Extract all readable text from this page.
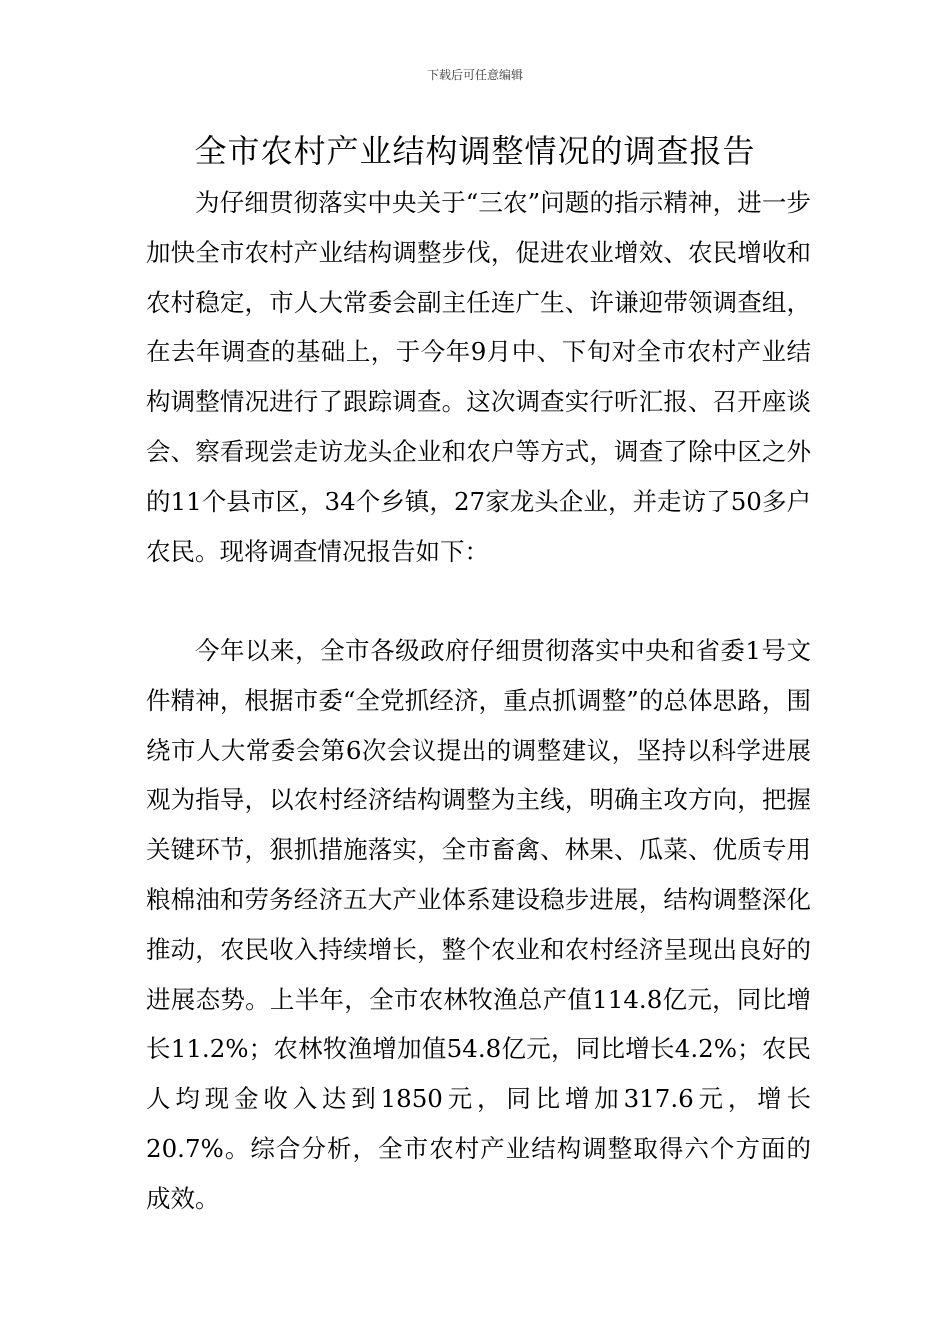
下载后可任意编辑
全市农村产业结构调整情况的调查报告

为仔细贯彻落实中央关于“三农”问题的指示精神，进一步加快全市农村产业结构调整步伐，促进农业增效、农民增收和农村稳定，市人大常委会副主任连广生、许谦迎带领调查组，在去年调查的基础上，于今年9月中、下旬对全市农村产业结构调整情况进行了跟踪调查。这次调查实行听汇报、召开座谈会、察看现尝走访龙头企业和农户等方式，调查了除中区之外的11个县市区，34个乡镇，27家龙头企业，并走访了50多户农民。现将调查情况报告如下：

今年以来，全市各级政府仔细贯彻落实中央和省委1号文件精神，根据市委“全党抓经济，重点抓调整”的总体思路，围绕市人大常委会第6次会议提出的调整建议，坚持以科学进展观为指导，以农村经济结构调整为主线，明确主攻方向，把握关键环节，狠抓措施落实，全市畜禽、林果、瓜菜、优质专用粮棉油和劳务经济五大产业体系建设稳步进展，结构调整深化推动，农民收入持续增长，整个农业和农村经济呈现出良好的进展态势。上半年，全市农林牧渔总产值114.8亿元，同比增长11.2%；农林牧渔增加值54.8亿元，同比增长4.2%；农民人均现金收入达到1850元，同比增加317.6元，增长20.7%。综合分析，全市农村产业结构调整取得六个方面的成效。
